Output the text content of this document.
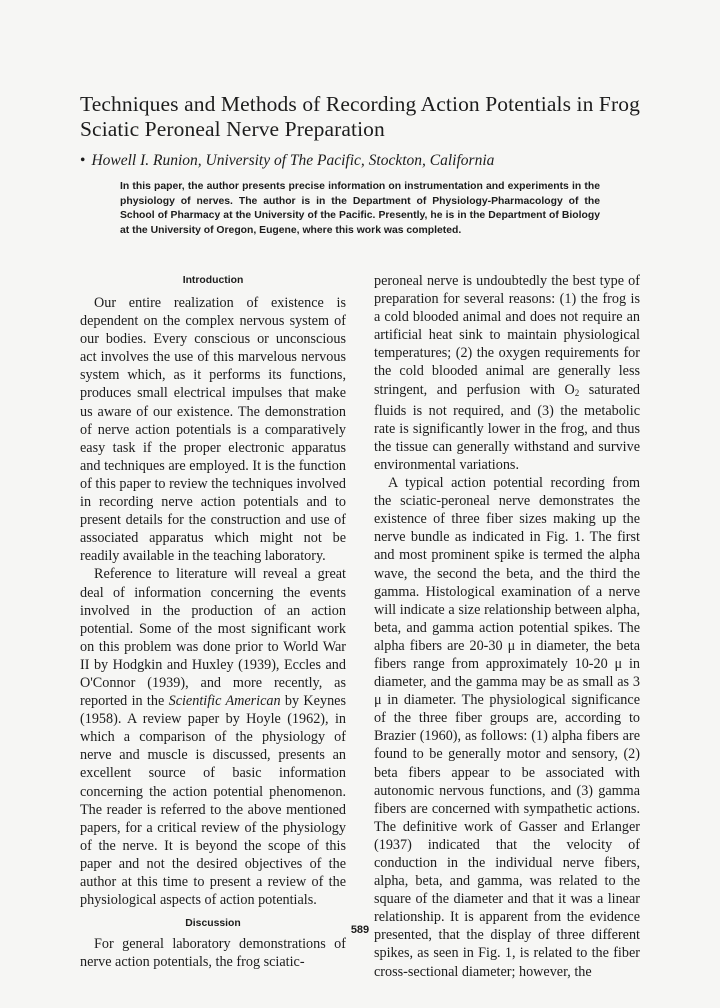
Techniques and Methods of Recording Action Potentials in Frog Sciatic Peroneal Nerve Preparation
• Howell I. Runion, University of The Pacific, Stockton, California
In this paper, the author presents precise information on instrumentation and experiments in the physiology of nerves. The author is in the Department of Physiology-Pharmacology of the School of Pharmacy at the University of the Pacific. Presently, he is in the Department of Biology at the University of Oregon, Eugene, where this work was completed.
Introduction

Our entire realization of existence is dependent on the complex nervous system of our bodies. Every conscious or unconscious act involves the use of this marvelous nervous system which, as it performs its functions, produces small electrical impulses that make us aware of our existence. The demonstration of nerve action potentials is a comparatively easy task if the proper electronic apparatus and techniques are employed. It is the function of this paper to review the techniques involved in recording nerve action potentials and to present details for the construction and use of associated apparatus which might not be readily available in the teaching laboratory.

Reference to literature will reveal a great deal of information concerning the events involved in the production of an action potential. Some of the most significant work on this problem was done prior to World War II by Hodgkin and Huxley (1939), Eccles and O'Connor (1939), and more recently, as reported in the Scientific American by Keynes (1958). A review paper by Hoyle (1962), in which a comparison of the physiology of nerve and muscle is discussed, presents an excellent source of basic information concerning the action potential phenomenon. The reader is referred to the above mentioned papers, for a critical review of the physiology of the nerve. It is beyond the scope of this paper and not the desired objectives of the author at this time to present a review of the physiological aspects of action potentials.

Discussion

For general laboratory demonstrations of nerve action potentials, the frog sciatic-

peroneal nerve is undoubtedly the best type of preparation for several reasons: (1) the frog is a cold blooded animal and does not require an artificial heat sink to maintain physiological temperatures; (2) the oxygen requirements for the cold blooded animal are generally less stringent, and perfusion with $O_2$ saturated fluids is not required, and (3) the metabolic rate is significantly lower in the frog, and thus the tissue can generally withstand and survive environmental variations.

A typical action potential recording from the sciatic-peroneal nerve demonstrates the existence of three fiber sizes making up the nerve bundle as indicated in Fig. 1. The first and most prominent spike is termed the alpha wave, the second the beta, and the third the gamma. Histological examination of a nerve will indicate a size relationship between alpha, beta, and gamma action potential spikes. The alpha fibers are 20-30 μ in diameter, the beta fibers range from approximately 10-20 μ in diameter, and the gamma may be as small as 3 μ in diameter. The physiological significance of the three fiber groups are, according to Brazier (1960), as follows: (1) alpha fibers are found to be generally motor and sensory, (2) beta fibers appear to be associated with autonomic nervous functions, and (3) gamma fibers are concerned with sympathetic actions. The definitive work of Gasser and Erlanger (1937) indicated that the velocity of conduction in the individual nerve fibers, alpha, beta, and gamma, was related to the square of the diameter and that it was a linear relationship. It is apparent from the evidence presented, that the display of three different spikes, as seen in Fig. 1, is related to the fiber cross-sectional diameter; however, the

589
